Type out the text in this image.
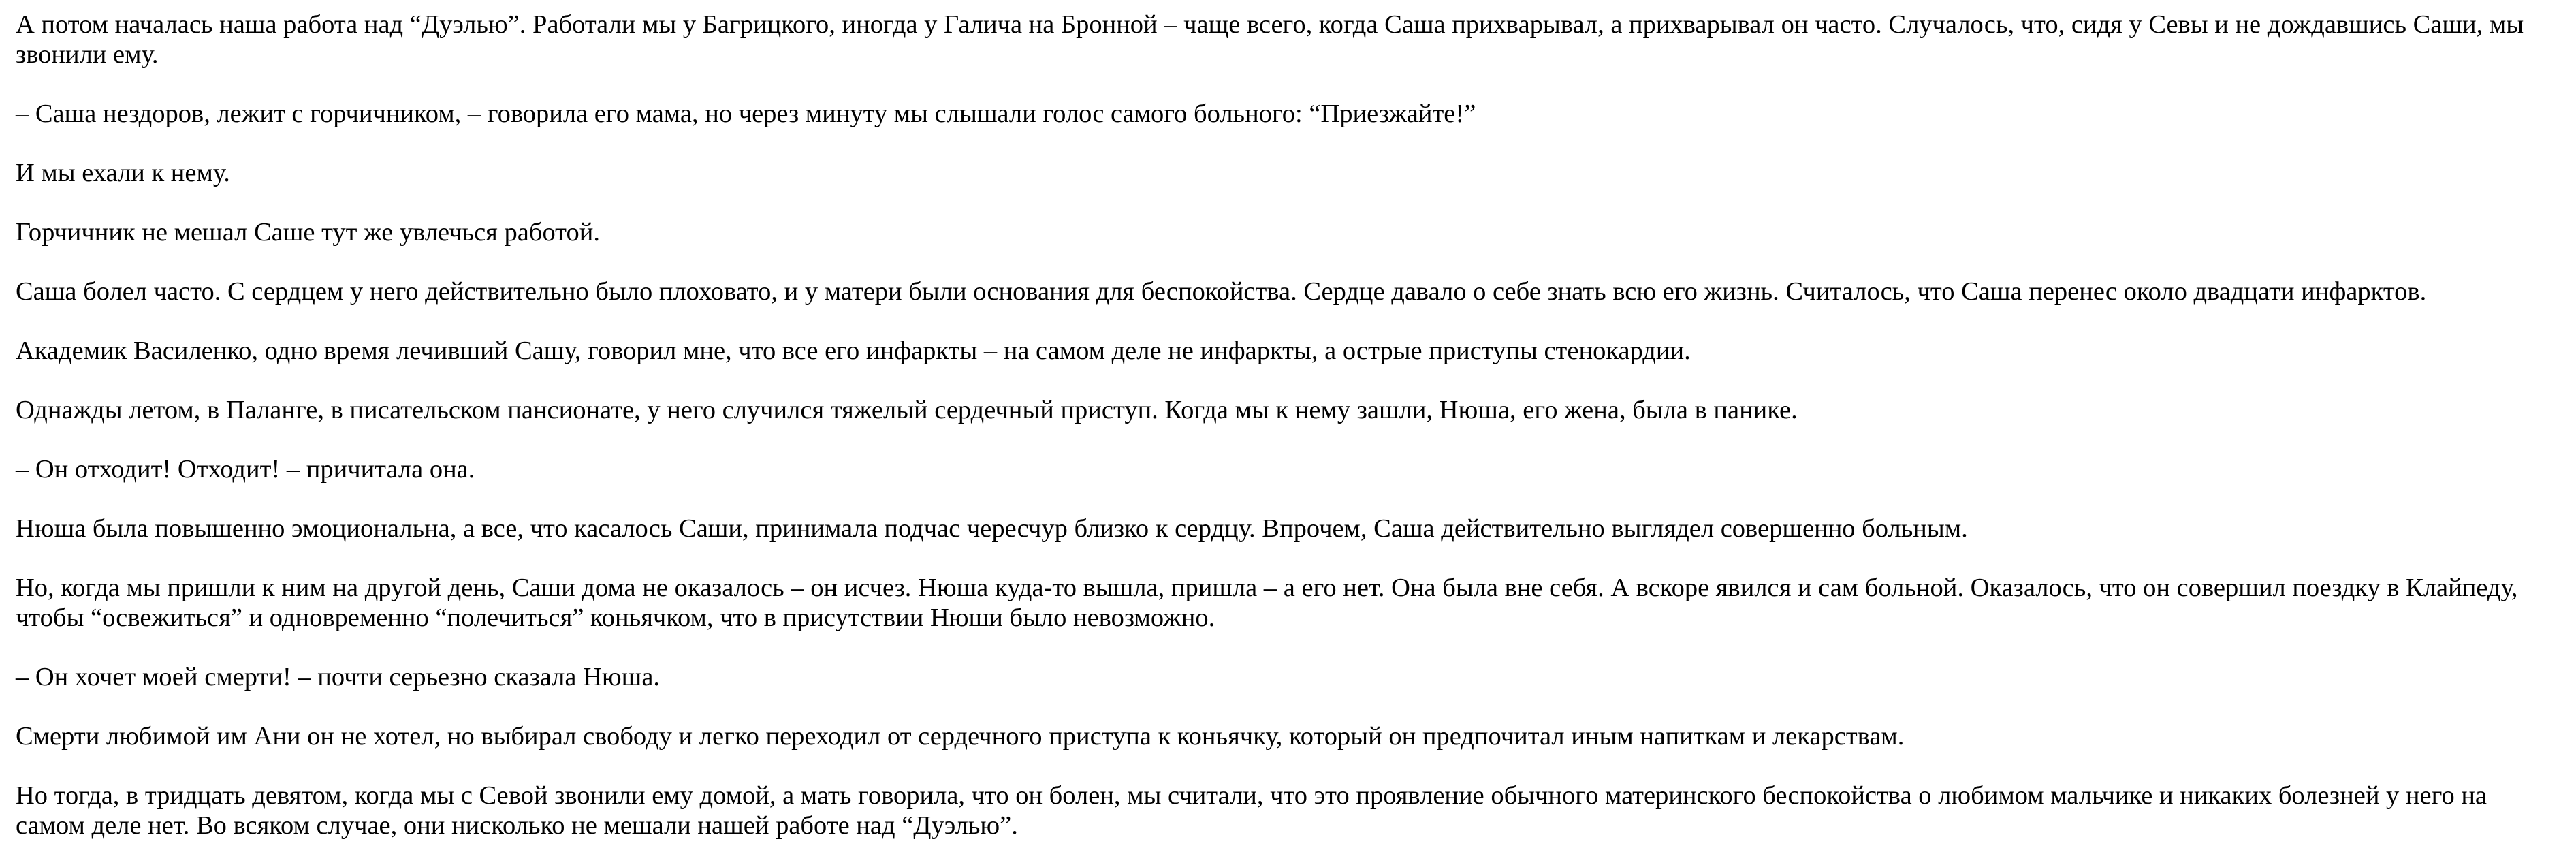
А потом началась наша работа над “Дуэлью”. Работали мы у Багрицкого, иногда у Галича на Бронной – чаще всего, когда Саша прихварывал, а прихварывал он часто. Случалось, что, сидя у Севы и не дождавшись Саши, мы звонили ему.

– Саша нездоров, лежит с горчичником, – говорила его мама, но через минуту мы слышали голос самого больного: “Приезжайте!”

И мы ехали к нему.

Горчичник не мешал Саше тут же увлечься работой.

Саша болел часто. С сердцем у него действительно было плоховато, и у матери были основания для беспокойства. Сердце давало о себе знать всю его жизнь. Считалось, что Саша перенес около двадцати инфарктов.

Академик Василенко, одно время лечивший Сашу, говорил мне, что все его инфаркты – на самом деле не инфаркты, а острые приступы стенокардии.

Однажды летом, в Паланге, в писательском пансионате, у него случился тяжелый сердечный приступ. Когда мы к нему зашли, Нюша, его жена, была в панике.

– Он отходит! Отходит! – причитала она.

Нюша была повышенно эмоциональна, а все, что касалось Саши, принимала подчас чересчур близко к сердцу. Впрочем, Саша действительно выглядел совершенно больным.

Но, когда мы пришли к ним на другой день, Саши дома не оказалось – он исчез. Нюша куда-то вышла, пришла – а его нет. Она была вне себя. А вскоре явился и сам больной. Оказалось, что он совершил поездку в Клайпеду, чтобы “освежиться” и одновременно “полечиться” коньячком, что в присутствии Нюши было невозможно.

– Он хочет моей смерти! – почти серьезно сказала Нюша.

Смерти любимой им Ани он не хотел, но выбирал свободу и легко переходил от сердечного приступа к коньячку, который он предпочитал иным напиткам и лекарствам.

Но тогда, в тридцать девятом, когда мы с Севой звонили ему домой, а мать говорила, что он болен, мы считали, что это проявление обычного материнского беспокойства о любимом мальчике и никаких болезней у него на самом деле нет. Во всяком случае, они нисколько не мешали нашей работе над “Дуэлью”.
